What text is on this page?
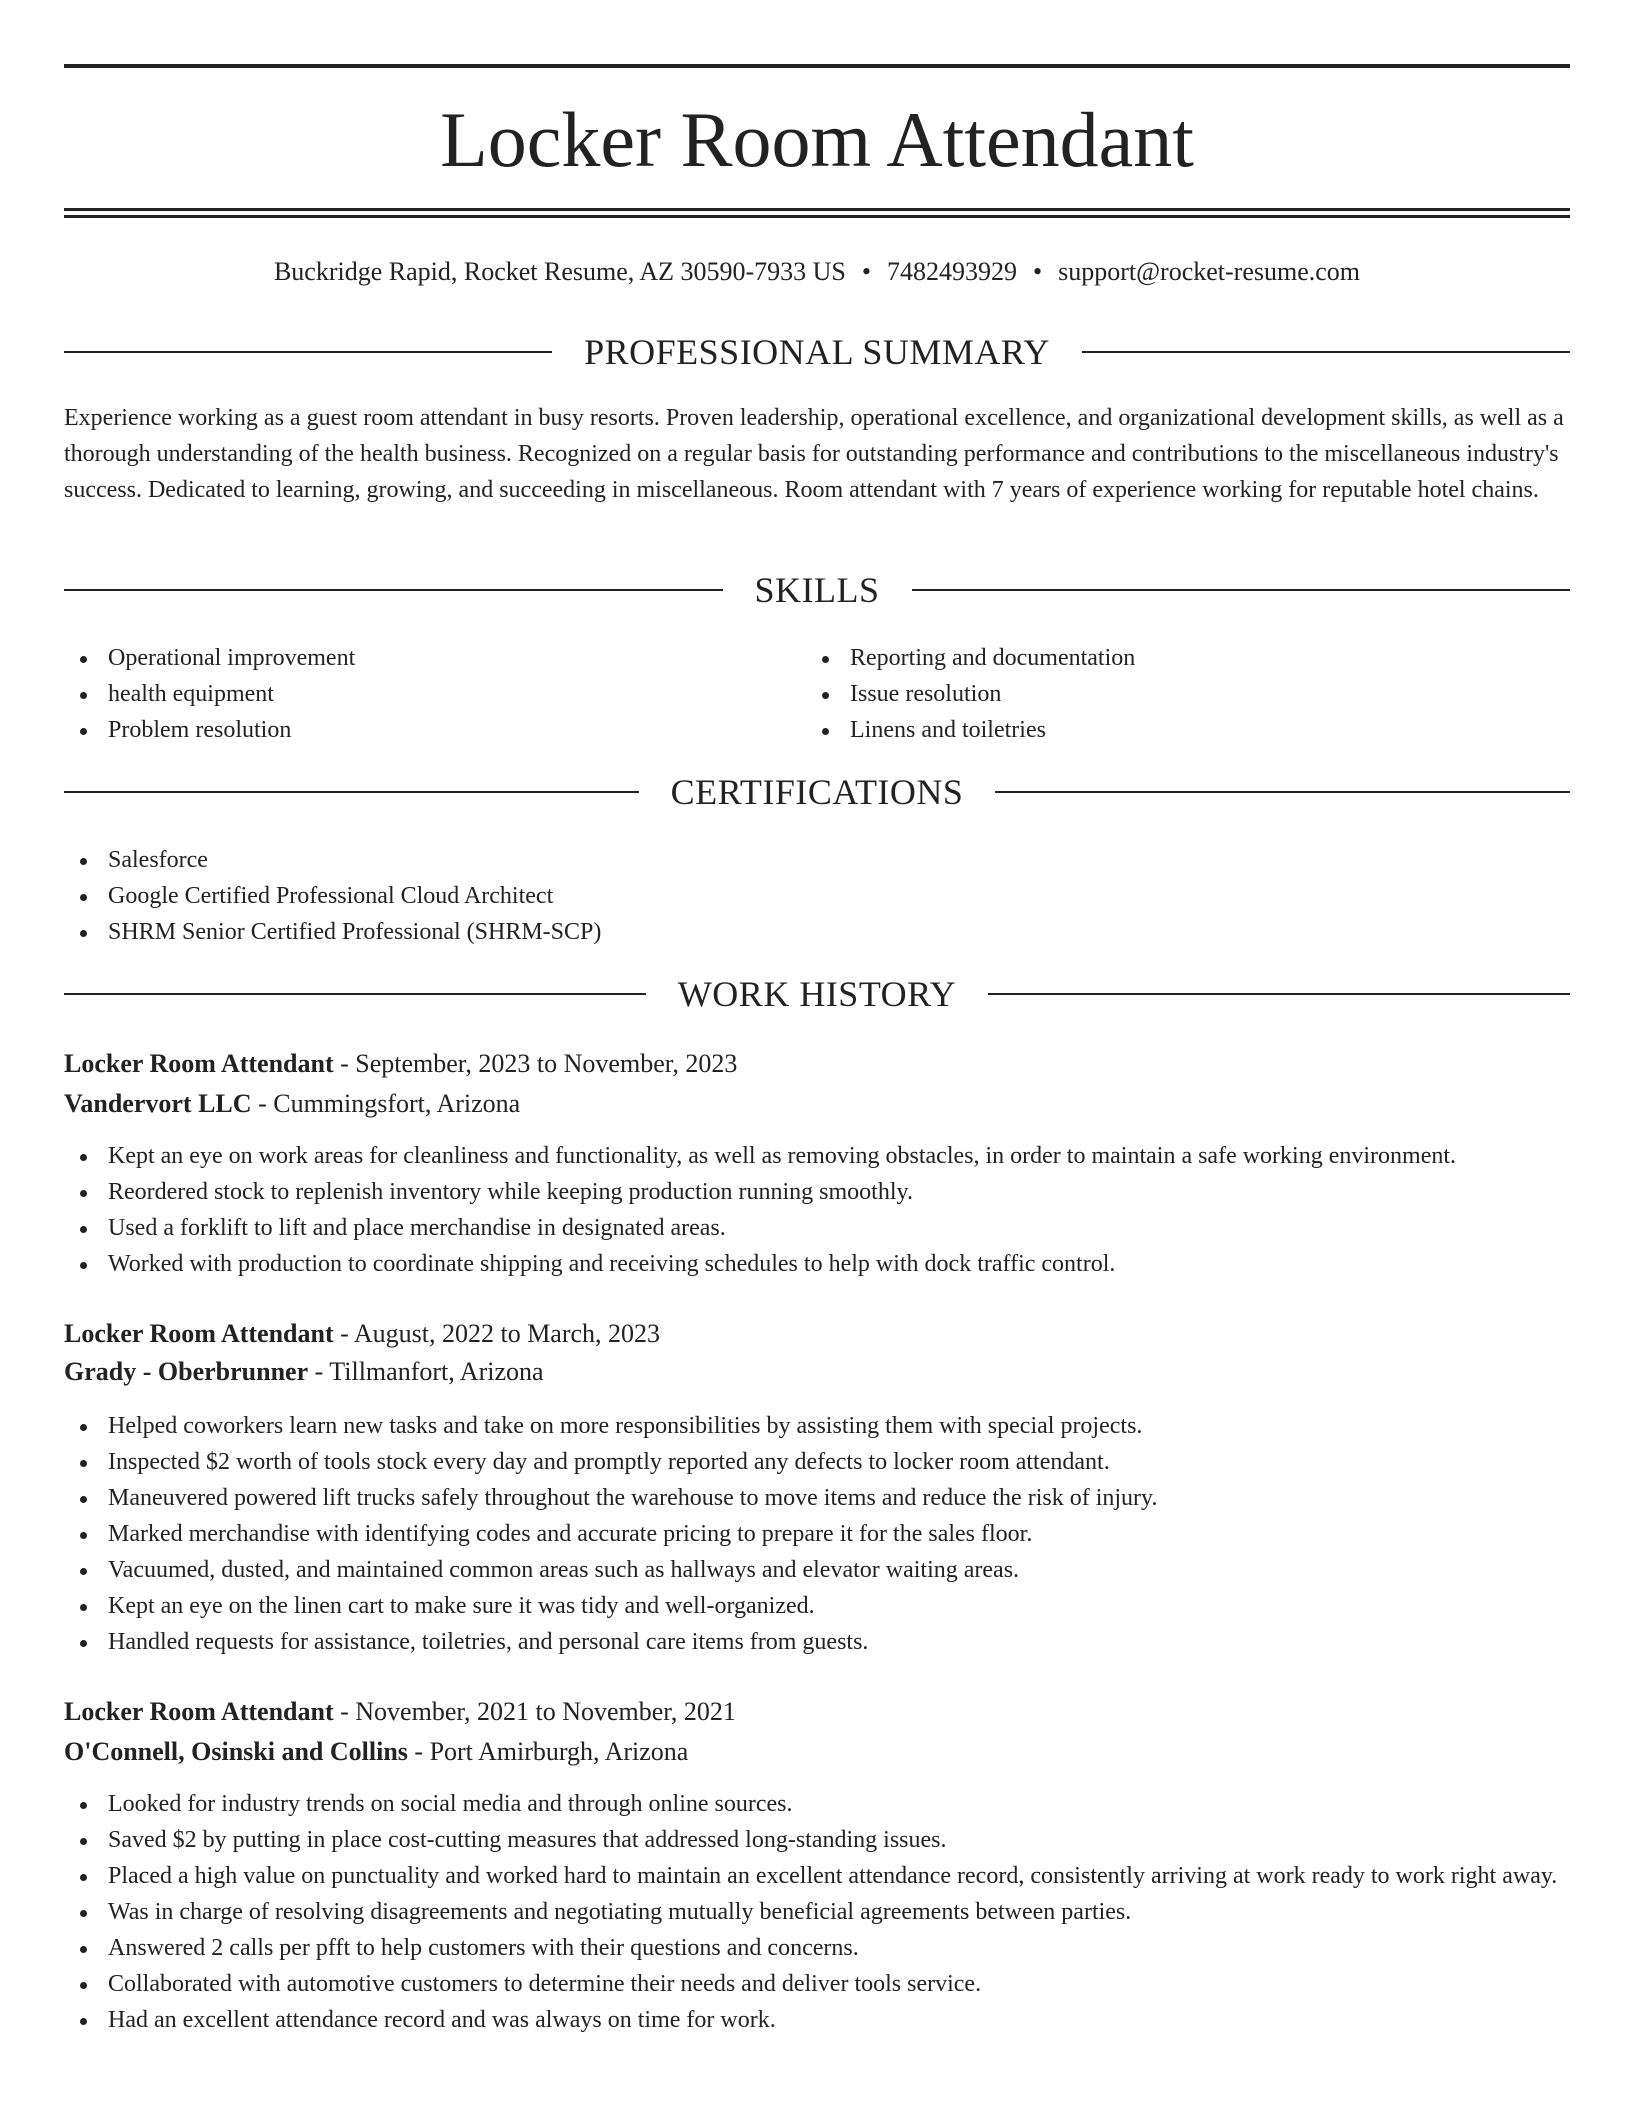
Locker Room Attendant
Buckridge Rapid, Rocket Resume, AZ 30590-7933 US • 7482493929 • support@rocket-resume.com
PROFESSIONAL SUMMARY

Experience working as a guest room attendant in busy resorts. Proven leadership, operational excellence, and organizational development skills, as well as a thorough understanding of the health business. Recognized on a regular basis for outstanding performance and contributions to the miscellaneous industry's success. Dedicated to learning, growing, and succeeding in miscellaneous. Room attendant with 7 years of experience working for reputable hotel chains.

SKILLS
Operational improvement
health equipment
Problem resolution
Reporting and documentation
Issue resolution
Linens and toiletries
CERTIFICATIONS
Salesforce
Google Certified Professional Cloud Architect
SHRM Senior Certified Professional (SHRM-SCP)
WORK HISTORY
Locker Room Attendant - September, 2023 to November, 2023
Vandervort LLC - Cummingsfort, Arizona
Kept an eye on work areas for cleanliness and functionality, as well as removing obstacles, in order to maintain a safe working environment.
Reordered stock to replenish inventory while keeping production running smoothly.
Used a forklift to lift and place merchandise in designated areas.
Worked with production to coordinate shipping and receiving schedules to help with dock traffic control.
Locker Room Attendant - August, 2022 to March, 2023
Grady - Oberbrunner - Tillmanfort, Arizona
Helped coworkers learn new tasks and take on more responsibilities by assisting them with special projects.
Inspected $2 worth of tools stock every day and promptly reported any defects to locker room attendant.
Maneuvered powered lift trucks safely throughout the warehouse to move items and reduce the risk of injury.
Marked merchandise with identifying codes and accurate pricing to prepare it for the sales floor.
Vacuumed, dusted, and maintained common areas such as hallways and elevator waiting areas.
Kept an eye on the linen cart to make sure it was tidy and well-organized.
Handled requests for assistance, toiletries, and personal care items from guests.
Locker Room Attendant - November, 2021 to November, 2021
O'Connell, Osinski and Collins - Port Amirburgh, Arizona
Looked for industry trends on social media and through online sources.
Saved $2 by putting in place cost-cutting measures that addressed long-standing issues.
Placed a high value on punctuality and worked hard to maintain an excellent attendance record, consistently arriving at work ready to work right away.
Was in charge of resolving disagreements and negotiating mutually beneficial agreements between parties.
Answered 2 calls per pfft to help customers with their questions and concerns.
Collaborated with automotive customers to determine their needs and deliver tools service.
Had an excellent attendance record and was always on time for work.
